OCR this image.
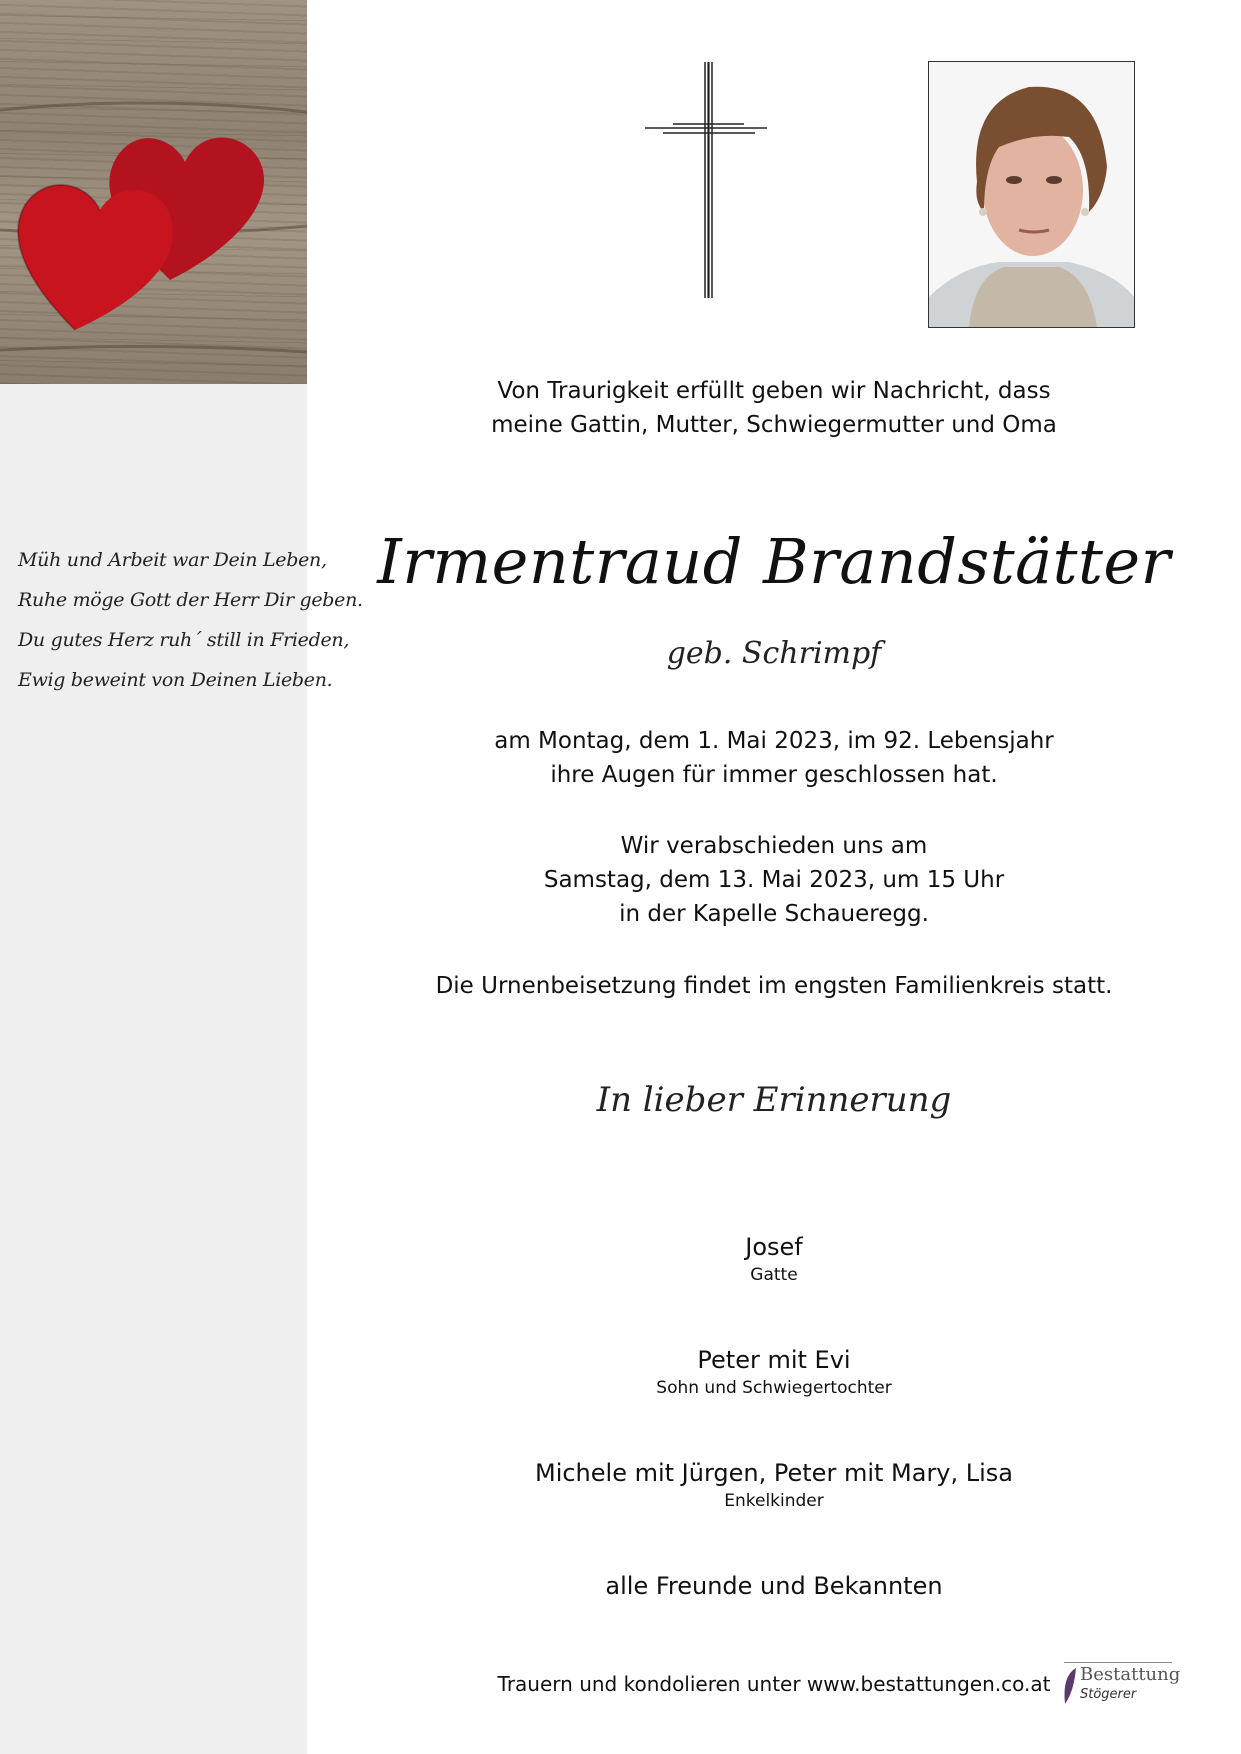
Müh und Arbeit war Dein Leben,
Ruhe möge Gott der Herr Dir geben.
Du gutes Herz ruh´ still in Frieden,
Ewig beweint von Deinen Lieben.
Von Traurigkeit erfüllt geben wir Nachricht, dass
meine Gattin, Mutter, Schwiegermutter und Oma
Irmentraud Brandstätter
geb. Schrimpf
am Montag, dem 1. Mai 2023, im 92. Lebensjahr
ihre Augen für immer geschlossen hat.
Wir verabschieden uns am
Samstag, dem 13. Mai 2023, um 15 Uhr
in der Kapelle Schaueregg.
Die Urnenbeisetzung findet im engsten Familienkreis statt.
In lieber Erinnerung
Josef
Gatte
Peter mit Evi
Sohn und Schwiegertochter
Michele mit Jürgen, Peter mit Mary, Lisa
Enkelkinder
alle Freunde und Bekannten
Trauern und kondolieren unter www.bestattungen.co.at	Bestattung
Stögerer
